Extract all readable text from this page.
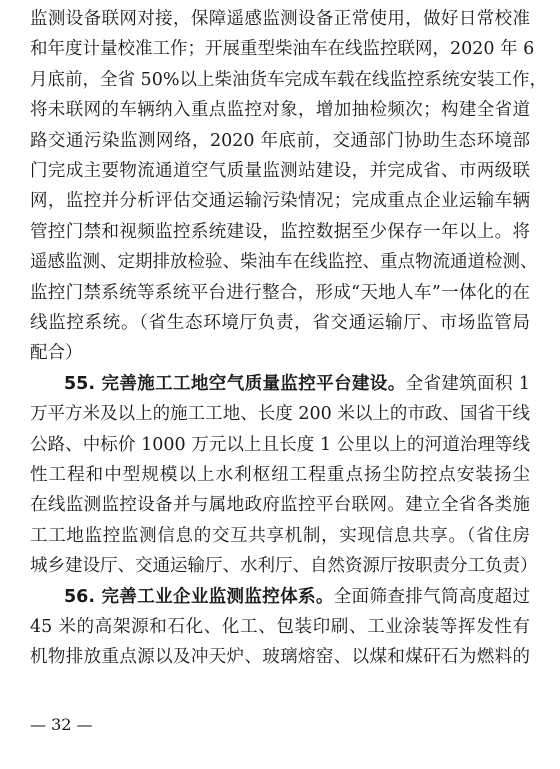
监测设备联网对接，保障遥感监测设备正常使用，做好日常校准
和年度计量校准工作；开展重型柴油车在线监控联网，2020 年 6
月底前，全省 50%以上柴油货车完成车载在线监控系统安装工作，
将未联网的车辆纳入重点监控对象，增加抽检频次；构建全省道
路交通污染监测网络，2020 年底前，交通部门协助生态环境部
门完成主要物流通道空气质量监测站建设，并完成省、市两级联
网，监控并分析评估交通运输污染情况；完成重点企业运输车辆
管控门禁和视频监控系统建设，监控数据至少保存一年以上。将
遥感监测、定期排放检验、柴油车在线监控、重点物流通道检测、
监控门禁系统等系统平台进行整合，形成“天地人车”一体化的在
线监控系统。（省生态环境厅负责，省交通运输厅、市场监管局
配合）
55. 完善施工工地空气质量监控平台建设。全省建筑面积 1
万平方米及以上的施工工地、长度 200 米以上的市政、国省干线
公路、中标价 1000 万元以上且长度 1 公里以上的河道治理等线
性工程和中型规模以上水利枢纽工程重点扬尘防控点安装扬尘
在线监测监控设备并与属地政府监控平台联网。建立全省各类施
工工地监控监测信息的交互共享机制，实现信息共享。（省住房
城乡建设厅、交通运输厅、水利厅、自然资源厅按职责分工负责）
56. 完善工业企业监测监控体系。全面筛查排气筒高度超过
45 米的高架源和石化、化工、包装印刷、工业涂装等挥发性有
机物排放重点源以及冲天炉、玻璃熔窑、以煤和煤矸石为燃料的
— 32 —
